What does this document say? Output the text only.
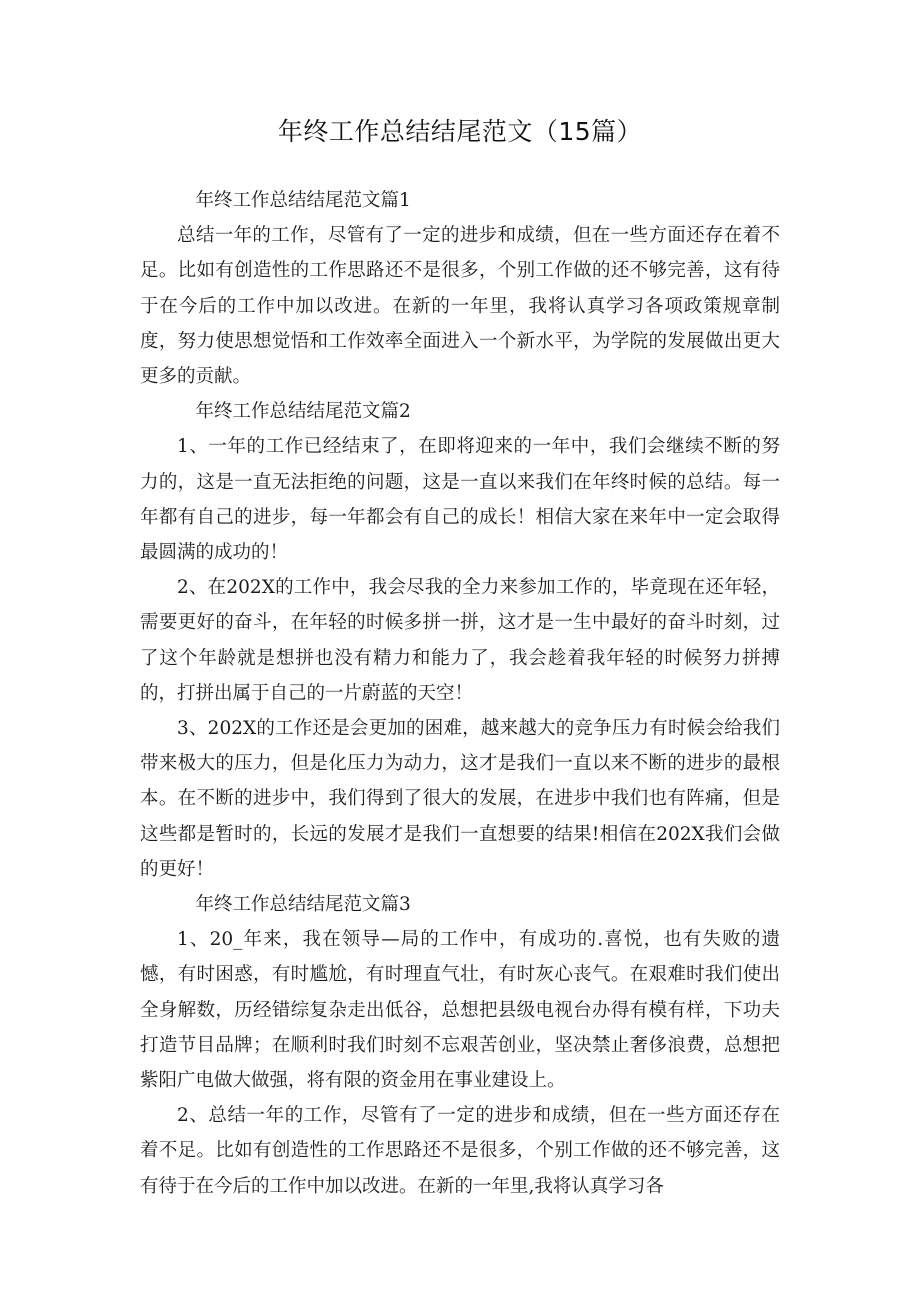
年终工作总结结尾范文（15篇）

年终工作总结结尾范文篇1

总结一年的工作，尽管有了一定的进步和成绩，但在一些方面还存在着不足。比如有创造性的工作思路还不是很多，个别工作做的还不够完善，这有待于在今后的工作中加以改进。在新的一年里，我将认真学习各项政策规章制度，努力使思想觉悟和工作效率全面进入一个新水平，为学院的发展做出更大更多的贡献。

年终工作总结结尾范文篇2

1、一年的工作已经结束了，在即将迎来的一年中，我们会继续不断的努力的，这是一直无法拒绝的问题，这是一直以来我们在年终时候的总结。每一年都有自己的进步，每一年都会有自己的成长！相信大家在来年中一定会取得最圆满的成功的！

2、在202X的工作中，我会尽我的全力来参加工作的，毕竟现在还年轻，需要更好的奋斗，在年轻的时候多拼一拼，这才是一生中最好的奋斗时刻，过了这个年龄就是想拼也没有精力和能力了，我会趁着我年轻的时候努力拼搏的，打拼出属于自己的一片蔚蓝的天空！

3、202X的工作还是会更加的困难，越来越大的竞争压力有时候会给我们带来极大的压力，但是化压力为动力，这才是我们一直以来不断的进步的最根本。在不断的进步中，我们得到了很大的发展，在进步中我们也有阵痛，但是这些都是暂时的，长远的发展才是我们一直想要的结果!相信在202X我们会做的更好！

年终工作总结结尾范文篇3

1、20_年来，我在领导—局的工作中，有成功的.喜悦，也有失败的遗憾，有时困惑，有时尴尬，有时理直气壮，有时灰心丧气。在艰难时我们使出全身解数，历经错综复杂走出低谷，总想把县级电视台办得有模有样，下功夫打造节目品牌；在顺利时我们时刻不忘艰苦创业，坚决禁止奢侈浪费，总想把紫阳广电做大做强，将有限的资金用在事业建设上。

2、总结一年的工作，尽管有了一定的进步和成绩，但在一些方面还存在着不足。比如有创造性的工作思路还不是很多，个别工作做的还不够完善，这有待于在今后的工作中加以改进。在新的一年里,我将认真学习各
